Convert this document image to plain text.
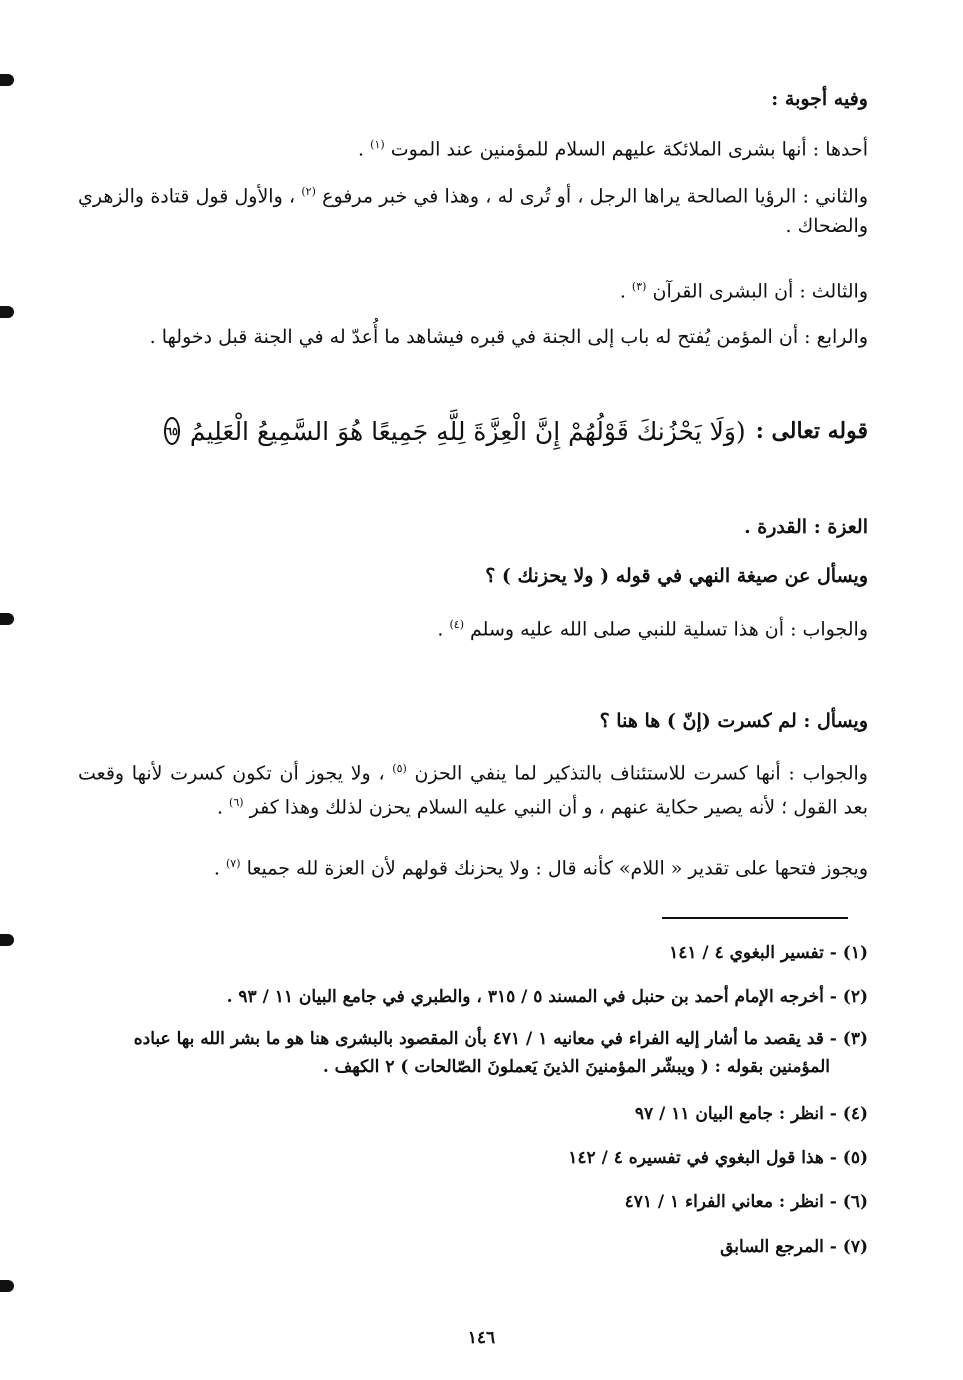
وفيه أجوبة :
أحدها : أنها بشرى الملائكة عليهم السلام للمؤمنين عند الموت $^{(١)}$ .
والثاني : الرؤيا الصالحة يراها الرجل ، أو تُرى له ، وهذا في خبر مرفوع $^{(٢)}$ ، والأول قول قتادة والزهري والضحاك .
والثالث : أن البشرى القرآن $^{(٣)}$ .
والرابع : أن المؤمن يُفتح له باب إلى الجنة في قبره فيشاهد ما أُعدّ له في الجنة قبل دخولها .
قوله تعالى :
(وَلَا يَحْزُنكَ قَوْلُهُمْ إِنَّ الْعِزَّةَ لِلَّهِ جَمِيعًا هُوَ السَّمِيعُ الْعَلِيمُ
٦٥
العزة : القدرة .
ويسأل عن صيغة النهي في قوله ( ولا يحزنك ) ؟
والجواب : أن هذا تسلية للنبي صلى الله عليه وسلم $^{(٤)}$ .
ويسأل : لم كسرت (إنّ ) ها هنا ؟
والجواب : أنها كسرت للاستئناف بالتذكير لما ينفي الحزن $^{(٥)}$ ، ولا يجوز أن تكون كسرت لأنها وقعت بعد القول ؛ لأنه يصير حكاية عنهم ، و أن النبي عليه السلام يحزن لذلك وهذا كفر $^{(٦)}$ .
ويجوز فتحها على تقدير « اللام» كأنه قال : ولا يحزنك قولهم لأن العزة لله جميعا $^{(٧)}$ .
(١) - تفسير البغوي ٤ / ١٤١
(٢) - أخرجه الإمام أحمد بن حنبل في المسند ٥ / ٣١٥ ، والطبري في جامع البيان ١١ / ٩٣ .
(٣) - قد يقصد ما أشار إليه الفراء في معانيه ١ / ٤٧١ بأن المقصود بالبشرى هنا هو ما بشر الله بها عباده
المؤمنين بقوله : ( ويبشّر المؤمنينَ الذينَ يَعملونَ الصّالحات ) ٢ الكهف .
(٤) - انظر : جامع البيان ١١ / ٩٧
(٥) - هذا قول البغوي في تفسيره ٤ / ١٤٢
(٦) - انظر : معاني الفراء ١ / ٤٧١
(٧) - المرجع السابق
١٤٦
